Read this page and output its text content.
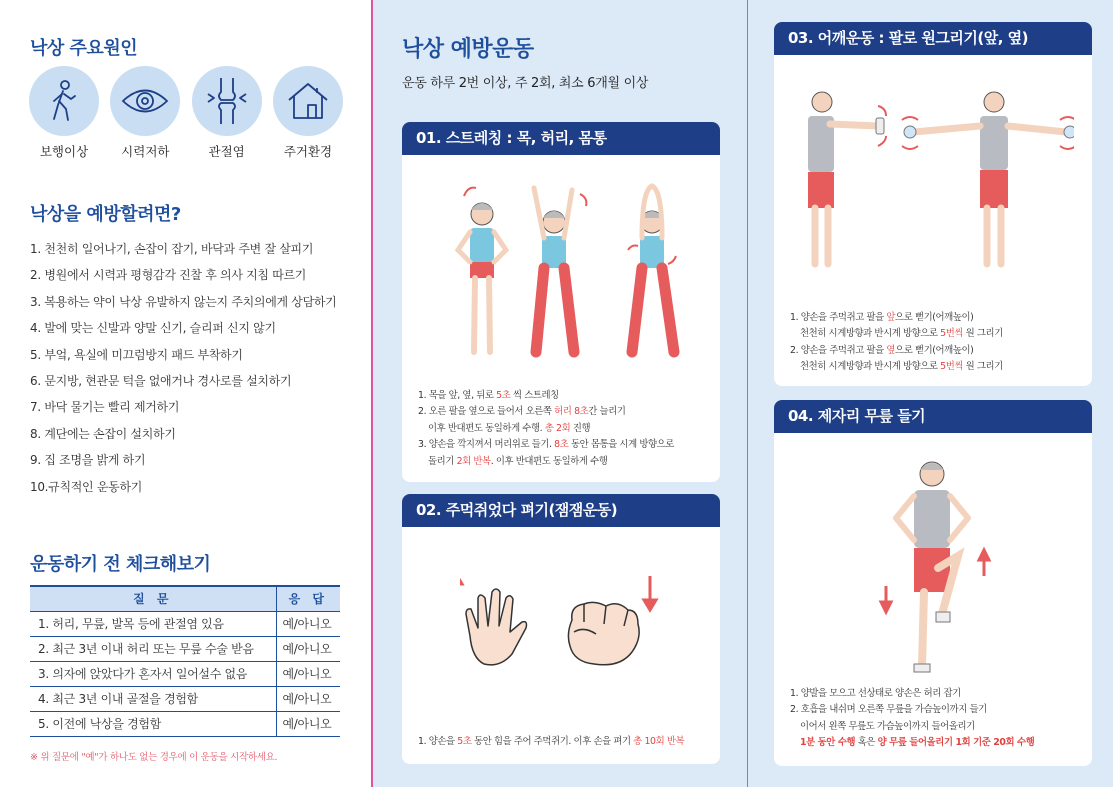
낙상 주요원인
보행이상	시력저하	관절염	주거환경
낙상을 예방할려면?
1. 천천히 일어나기, 손잡이 잡기, 바닥과 주변 잘 살피기
2. 병원에서 시력과 평형감각 진찰 후 의사 지침 따르기
3. 복용하는 약이 낙상 유발하지 않는지 주치의에게 상담하기
4. 발에 맞는 신발과 양말 신기, 슬리퍼 신지 않기
5. 부엌, 욕실에 미끄럼방지 패드 부착하기
6. 문지방, 현관문 턱을 없애거나 경사로를 설치하기
7. 바닥 물기는 빨리 제거하기
8. 계단에는 손잡이 설치하기
9. 집 조명을 밝게 하기
10.규칙적인 운동하기
운동하기 전 체크해보기
질 문	응 답
1. 허리, 무릎, 발목 등에 관절염 있음	예/아니오
2. 최근 3년 이내 허리 또는 무릎 수술 받음	예/아니오
3. 의자에 앉았다가 혼자서 일어설수 없음	예/아니오
4. 최근 3년 이내 골절을 경험함	예/아니오
5. 이전에 낙상을 경험함	예/아니오
※ 위 질문에 "예"가 하나도 없는 경우에 이 운동을 시작하세요.
낙상 예방운동
운동 하루 2번 이상, 주 2회, 최소 6개월 이상
01. 스트레칭 : 목, 허리, 몸통
1. 목을 앞, 옆, 뒤로 5초 씩 스트레칭
2. 오른 팔을 옆으로 들어서 오른쪽 허리 8초간 늘리기
이후 반대편도 동일하게 수행. 총 2회 진행
3. 양손을 깍지껴서 머리위로 들기. 8초 동안 몸통을 시계 방향으로
돌리기 2회 반복. 이후 반대편도 동일하게 수행
02. 주먹쥐었다 펴기(잼잼운동)
1. 양손을 5초 동안 힘을 주어 주먹쥐기. 이후 손을 펴기 총 10회 반복
03. 어깨운동 : 팔로 원그리기(앞, 옆)
1. 양손을 주먹쥐고 팔을 앞으로 뻗기(어깨높이)
천천히 시계방향과 반시계 방향으로 5번씩 원 그리기
2. 양손을 주먹쥐고 팔을 옆으로 뻗기(어깨높이)
천천히 시계방향과 반시계 방향으로 5번씩 원 그리기
04. 제자리 무릎 들기
1. 양발을 모으고 선상태로 양손은 허리 잡기
2. 호흡을 내쉬며 오른쪽 무릎을 가슴높이까지 들기
이어서 왼쪽 무릎도 가슴높이까지 들어올리기
1분 동안 수행 혹은 양 무릎 들어올리기 1회 기준 20회 수행
